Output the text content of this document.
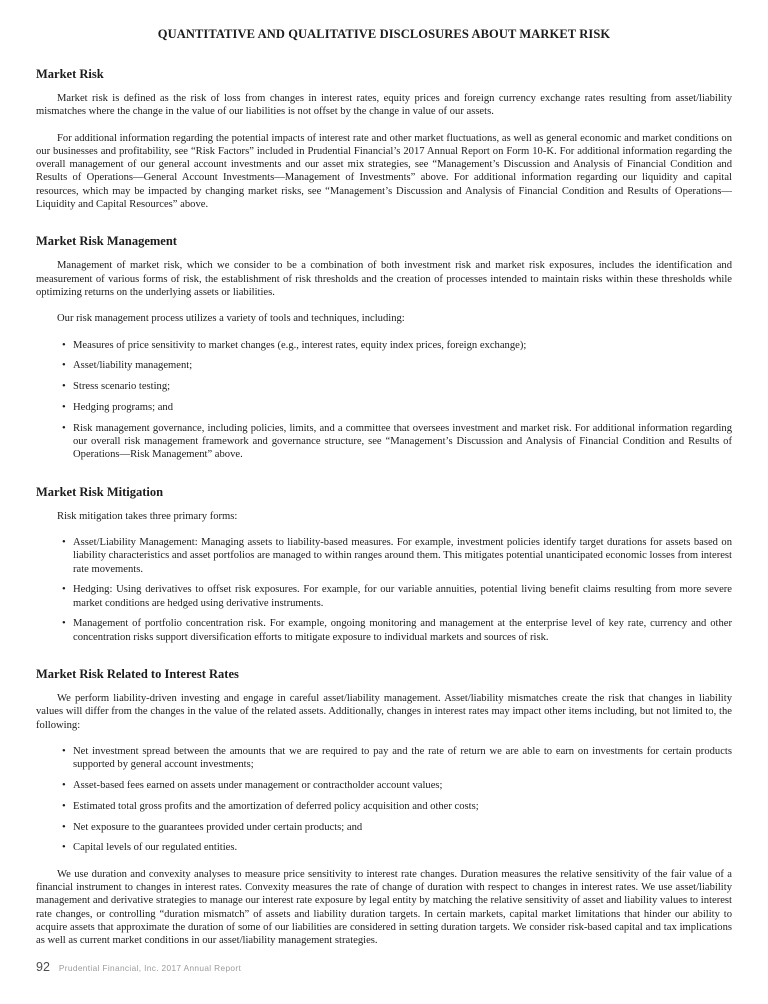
QUANTITATIVE AND QUALITATIVE DISCLOSURES ABOUT MARKET RISK
Market Risk

Market risk is defined as the risk of loss from changes in interest rates, equity prices and foreign currency exchange rates resulting from asset/liability mismatches where the change in the value of our liabilities is not offset by the change in value of our assets.

For additional information regarding the potential impacts of interest rate and other market fluctuations, as well as general economic and market conditions on our businesses and profitability, see “Risk Factors” included in Prudential Financial’s 2017 Annual Report on Form 10-K. For additional information regarding the overall management of our general account investments and our asset mix strategies, see “Management’s Discussion and Analysis of Financial Condition and Results of Operations—General Account Investments—Management of Investments” above. For additional information regarding our liquidity and capital resources, which may be impacted by changing market risks, see “Management’s Discussion and Analysis of Financial Condition and Results of Operations—Liquidity and Capital Resources” above.

Market Risk Management

Management of market risk, which we consider to be a combination of both investment risk and market risk exposures, includes the identification and measurement of various forms of risk, the establishment of risk thresholds and the creation of processes intended to maintain risks within these thresholds while optimizing returns on the underlying assets or liabilities.

Our risk management process utilizes a variety of tools and techniques, including:

• Measures of price sensitivity to market changes (e.g., interest rates, equity index prices, foreign exchange);
• Asset/liability management;
• Stress scenario testing;
• Hedging programs; and
• Risk management governance, including policies, limits, and a committee that oversees investment and market risk. For additional information regarding our overall risk management framework and governance structure, see “Management’s Discussion and Analysis of Financial Condition and Results of Operations—Risk Management” above.
Market Risk Mitigation

Risk mitigation takes three primary forms:

• Asset/Liability Management: Managing assets to liability-based measures. For example, investment policies identify target durations for assets based on liability characteristics and asset portfolios are managed to within ranges around them. This mitigates potential unanticipated economic losses from interest rate movements.
• Hedging: Using derivatives to offset risk exposures. For example, for our variable annuities, potential living benefit claims resulting from more severe market conditions are hedged using derivative instruments.
• Management of portfolio concentration risk. For example, ongoing monitoring and management at the enterprise level of key rate, currency and other concentration risks support diversification efforts to mitigate exposure to individual markets and sources of risk.
Market Risk Related to Interest Rates

We perform liability-driven investing and engage in careful asset/liability management. Asset/liability mismatches create the risk that changes in liability values will differ from the changes in the value of the related assets. Additionally, changes in interest rates may impact other items including, but not limited to, the following:

• Net investment spread between the amounts that we are required to pay and the rate of return we are able to earn on investments for certain products supported by general account investments;
• Asset-based fees earned on assets under management or contractholder account values;
• Estimated total gross profits and the amortization of deferred policy acquisition and other costs;
• Net exposure to the guarantees provided under certain products; and
• Capital levels of our regulated entities.

We use duration and convexity analyses to measure price sensitivity to interest rate changes. Duration measures the relative sensitivity of the fair value of a financial instrument to changes in interest rates. Convexity measures the rate of change of duration with respect to changes in interest rates. We use asset/liability management and derivative strategies to manage our interest rate exposure by legal entity by matching the relative sensitivity of asset and liability values to interest rate changes, or controlling “duration mismatch” of assets and liability duration targets. In certain markets, capital market limitations that hinder our ability to acquire assets that approximate the duration of some of our liabilities are considered in setting duration targets. We consider risk-based capital and tax implications as well as current market conditions in our asset/liability management strategies.

92 Prudential Financial, Inc. 2017 Annual Report
